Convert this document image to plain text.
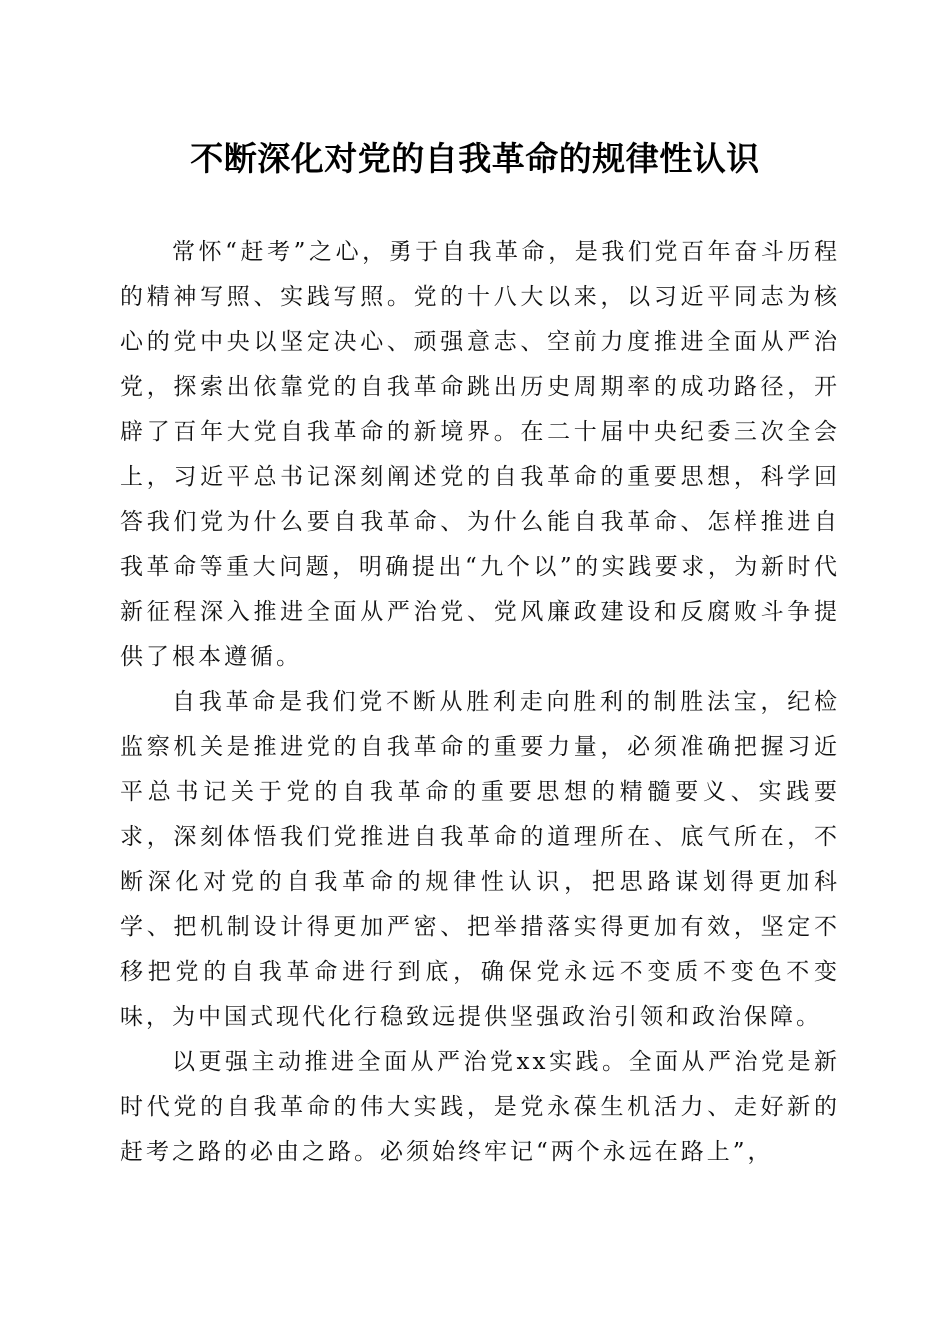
不断深化对党的自我革命的规律性认识

常怀“赶考”之心，勇于自我革命，是我们党百年奋斗历程的精神写照、实践写照。党的十八大以来，以习近平同志为核心的党中央以坚定决心、顽强意志、空前力度推进全面从严治党，探索出依靠党的自我革命跳出历史周期率的成功路径，开辟了百年大党自我革命的新境界。在二十届中央纪委三次全会上，习近平总书记深刻阐述党的自我革命的重要思想，科学回答我们党为什么要自我革命、为什么能自我革命、怎样推进自我革命等重大问题，明确提出“九个以”的实践要求，为新时代新征程深入推进全面从严治党、党风廉政建设和反腐败斗争提供了根本遵循。

自我革命是我们党不断从胜利走向胜利的制胜法宝，纪检监察机关是推进党的自我革命的重要力量，必须准确把握习近平总书记关于党的自我革命的重要思想的精髓要义、实践要求，深刻体悟我们党推进自我革命的道理所在、底气所在，不断深化对党的自我革命的规律性认识，把思路谋划得更加科学、把机制设计得更加严密、把举措落实得更加有效，坚定不移把党的自我革命进行到底，确保党永远不变质不变色不变味，为中国式现代化行稳致远提供坚强政治引领和政治保障。

以更强主动推进全面从严治党xx实践。全面从严治党是新时代党的自我革命的伟大实践，是党永葆生机活力、走好新的赶考之路的必由之路。必须始终牢记“两个永远在路上”，
